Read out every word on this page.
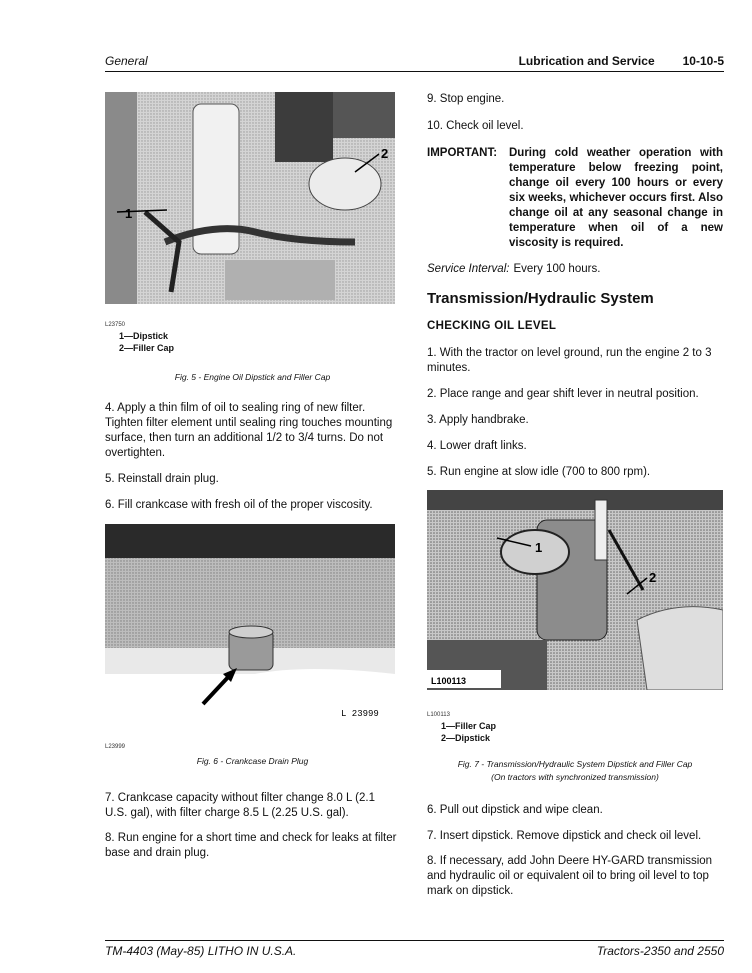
General	Lubrication and Service 10-10-5
1
2
L23750
1—Dipstick
2—Filler Cap
Fig. 5 - Engine Oil Dipstick and Filler Cap

4. Apply a thin film of oil to sealing ring of new filter. Tighten filter element until sealing ring touches mounting surface, then turn an additional 1/2 to 3/4 turns. Do not overtighten.

5. Reinstall drain plug.

6. Fill crankcase with fresh oil of the proper viscosity.

L 23999
L23999
Fig. 6 - Crankcase Drain Plug

7. Crankcase capacity without filter change 8.0 L (2.1 U.S. gal), with filter charge 8.5 L (2.25 U.S. gal).

8. Run engine for a short time and check for leaks at filter base and drain plug.

9. Stop engine.

10. Check oil level.

IMPORTANT:	During cold weather operation with temperature below freezing point, change oil every 100 hours or every six weeks, whichever occurs first. Also change oil at any seasonal change in temperature when oil of a new viscosity is required.
Service Interval: Every 100 hours.
Transmission/Hydraulic System
CHECKING OIL LEVEL

1. With the tractor on level ground, run the engine 2 to 3 minutes.

2. Place range and gear shift lever in neutral position.

3. Apply handbrake.

4. Lower draft links.

5. Run engine at slow idle (700 to 800 rpm).

1
2
L100113
L100113
1—Filler Cap
2—Dipstick
Fig. 7 - Transmission/Hydraulic System Dipstick and Filler Cap
(On tractors with synchronized transmission)

6. Pull out dipstick and wipe clean.

7. Insert dipstick. Remove dipstick and check oil level.

8. If necessary, add John Deere HY-GARD transmission and hydraulic oil or equivalent oil to bring oil level to top mark on dipstick.

TM-4403 (May-85) LITHO IN U.S.A.	Tractors-2350 and 2550
